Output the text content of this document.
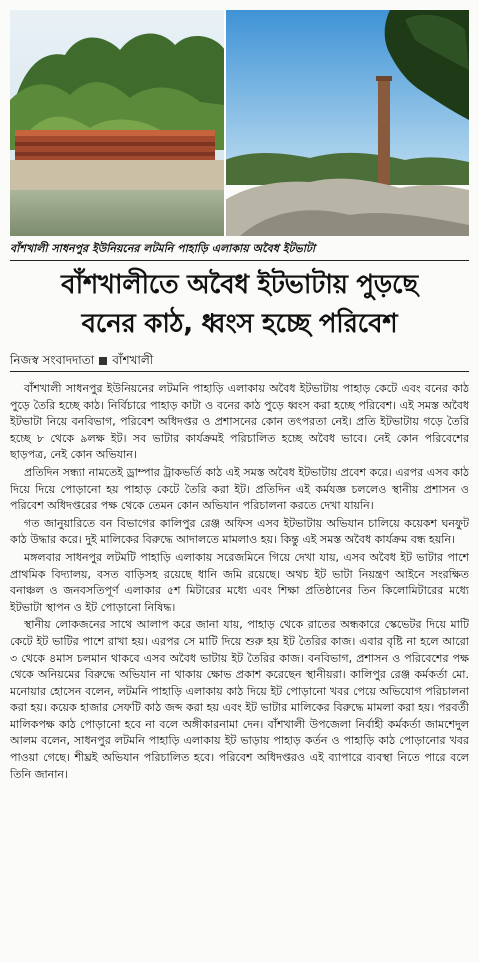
বাঁশখালী সাধনপুর ইউনিয়নের লটমনি পাহাড়ি এলাকায় অবৈধ ইটভাটা
বাঁশখালীতে অবৈধ ইটভাটায় পুড়ছে
বনের কাঠ, ধ্বংস হচ্ছে পরিবেশ
নিজস্ব সংবাদদাতা বাঁশখালী

বাঁশখালী সাধনপুর ইউনিয়নের লটমনি পাহাড়ি এলাকায় অবৈধ ইটভাটায় পাহাড় কেটে এবং বনের কাঠ পুড়ে তৈরি হচ্ছে কাঠ। নির্বিচারে পাহাড় কাটা ও বনের কাঠ পুড়ে ধ্বংস করা হচ্ছে পরিবেশ। এই সমস্ত অবৈধ ইটভাটা নিয়ে বনবিভাগ, পরিবেশ অধিদপ্তর ও প্রশাসনের কোন তৎপরতা নেই। প্রতি ইটভাটায় গড়ে তৈরি হচ্ছে ৮ থেকে ৯লক্ষ ইট। সব ভাটার কার্যক্রমই পরিচালিত হচ্ছে অবৈধ ভাবে। নেই কোন পরিবেশের ছাড়পত্র, নেই কোন অভিযান।

প্রতিদিন সন্ধ্যা নামতেই ড্রাম্পার ট্রাকভর্তি কাঠ এই সমস্ত অবৈধ ইটভাটায় প্রবেশ করে। এরপর এসব কাঠ দিয়ে দিয়ে পোড়ানো হয় পাহাড় কেটে তৈরি করা ইট। প্রতিদিন এই কর্মযজ্ঞ চললেও স্থানীয় প্রশাসন ও পরিবেশ অধিদপ্তরের পক্ষ থেকে তেমন কোন অভিযান পরিচালনা করতে দেখা যায়নি।

গত জানুয়ারিতে বন বিভাগের কালিপুর রেঞ্জ অফিস এসব ইটভাটায় অভিযান চালিয়ে কয়েকশ ঘনফুট কাঠ উদ্ধার করে। দুই মালিকের বিরুদ্ধে আদালতে মামলাও হয়। কিন্তু এই সমস্ত অবৈধ কার্যক্রম বন্ধ হয়নি।

মঙ্গলবার সাধনপুর লটমটি পাহাড়ি এলাকায় সরেজমিনে গিয়ে দেখা যায়, এসব অবৈধ ইট ভাটার পাশে প্রাথমিক বিদ্যালয়, বসত বাড়িসহ রয়েছে ধানি জমি রয়েছে। অথচ ইট ভাটা নিয়ন্ত্রণ আইনে সংরক্ষিত বনাঞ্চল ও জনবসতিপূর্ণ এলাকার ৫শ মিটারের মধ্যে এবং শিক্ষা প্রতিষ্ঠানের তিন কিলোমিটারের মধ্যে ইটভাটা স্থাপন ও ইট পোড়ানো নিষিদ্ধ।

স্থানীয় লোকজনের সাথে আলাপ করে জানা যায়, পাহাড় থেকে রাতের অন্ধকারে স্কেভেটর দিয়ে মাটি কেটে ইট ভাটির পাশে রাখা হয়। এরপর সে মাটি দিয়ে শুরু হয় ইট তৈরির কাজ। এবার বৃষ্টি না হলে আরো ৩ থেকে ৪মাস চলমান থাকবে এসব অবৈধ ভাটায় ইট তৈরির কাজ। বনবিভাগ, প্রশাসন ও পরিবেশের পক্ষ থেকে অনিয়মের বিরুদ্ধে অভিযান না থাকায় ক্ষোভ প্রকাশ করেছেন স্থানীয়রা। কালিপুর রেঞ্জ কর্মকর্তা মো. মনোয়ার হোসেন বলেন, লটমনি পাহাড়ি এলাকায় কাঠ দিয়ে ইট পোড়ানো খবর পেয়ে অভিযোগ পরিচালনা করা হয়। কয়েক হাজার সেফটি কাঠ জব্দ করা হয় এবং ইট ভাটার মালিকের বিরুদ্ধে মামলা করা হয়। পরবর্তী মালিকপক্ষ কাঠ পোড়ানো হবে না বলে অঙ্গীকারনামা দেন। বাঁশখালী উপজেলা নির্বাহী কর্মকর্তা জামশেদুল আলম বলেন, সাধনপুর লটমনি পাহাড়ি এলাকায় ইট ভাড়ায় পাহাড় কর্তন ও পাহাড়ি কাঠ পোড়ানোর খবর পাওয়া গেছে। শীঘ্রই অভিযান পরিচালিত হবে। পরিবেশ অধিদপ্তরও এই ব্যাপারে ব্যবস্থা নিতে পারে বলে তিনি জানান।
